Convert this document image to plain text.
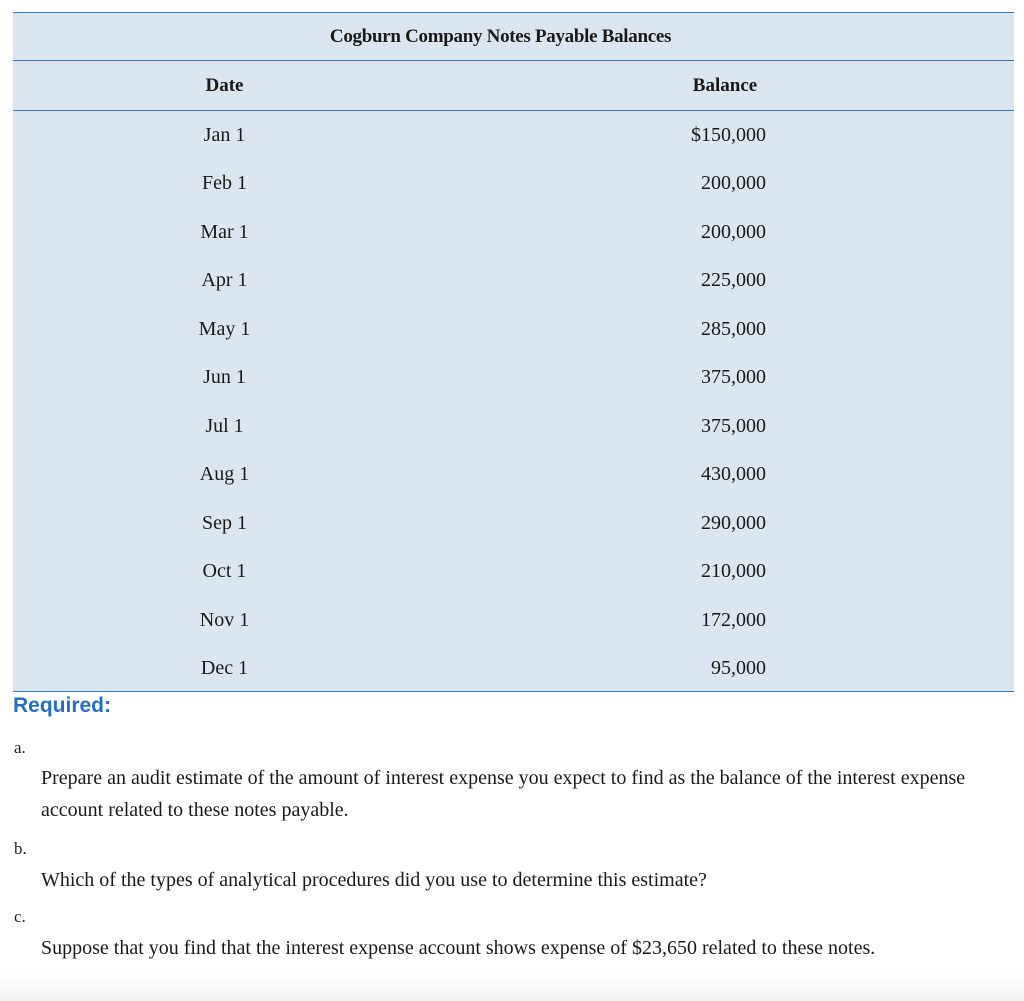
Cogburn Company Notes Payable Balances
Date	Balance
Jan 1	$150,000
Feb 1	200,000
Mar 1	200,000
Apr 1	225,000
May 1	285,000
Jun 1	375,000
Jul 1	375,000
Aug 1	430,000
Sep 1	290,000
Oct 1	210,000
Nov 1	172,000
Dec 1	95,000
Required:
a.
Prepare an audit estimate of the amount of interest expense you expect to find as the balance of the interest expense account related to these notes payable.
b.
Which of the types of analytical procedures did you use to determine this estimate?
c.
Suppose that you find that the interest expense account shows expense of $23,650 related to these notes.
